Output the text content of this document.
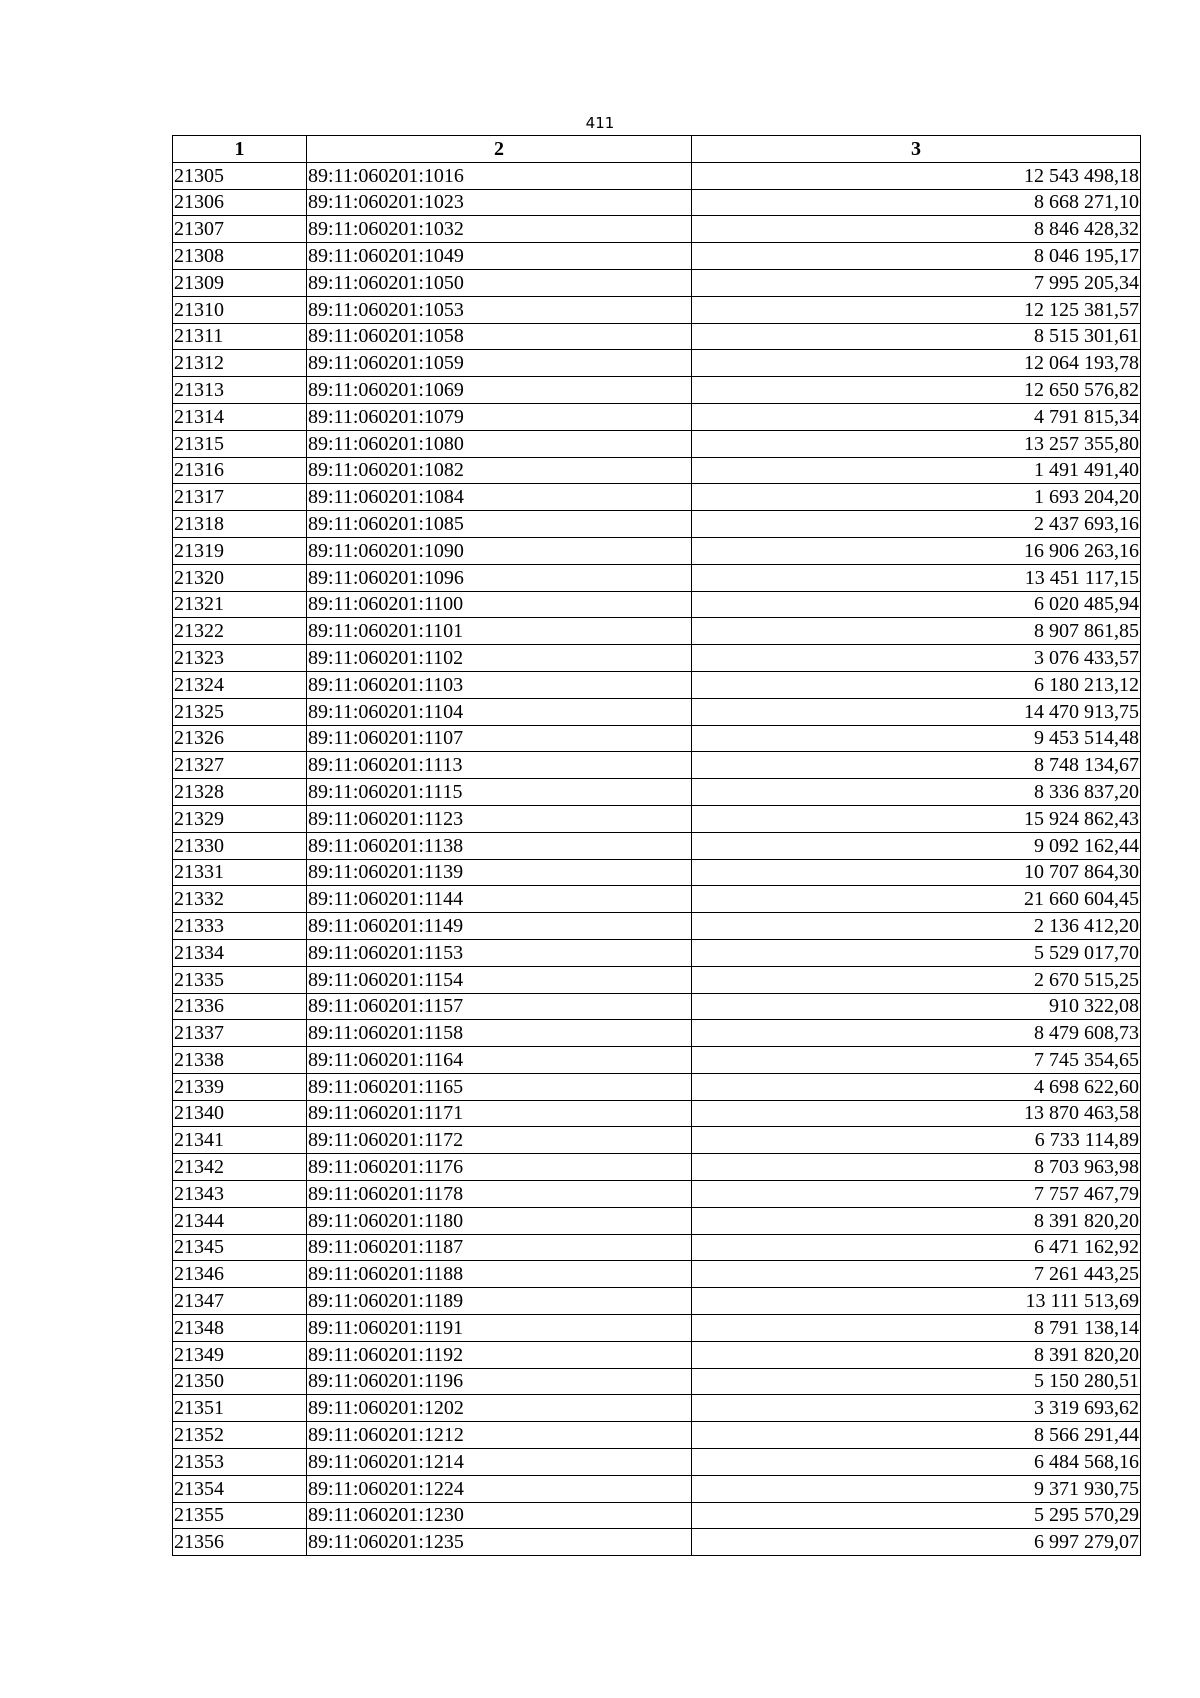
411
1	2	3
21305	89:11:060201:1016	12 543 498,18
21306	89:11:060201:1023	8 668 271,10
21307	89:11:060201:1032	8 846 428,32
21308	89:11:060201:1049	8 046 195,17
21309	89:11:060201:1050	7 995 205,34
21310	89:11:060201:1053	12 125 381,57
21311	89:11:060201:1058	8 515 301,61
21312	89:11:060201:1059	12 064 193,78
21313	89:11:060201:1069	12 650 576,82
21314	89:11:060201:1079	4 791 815,34
21315	89:11:060201:1080	13 257 355,80
21316	89:11:060201:1082	1 491 491,40
21317	89:11:060201:1084	1 693 204,20
21318	89:11:060201:1085	2 437 693,16
21319	89:11:060201:1090	16 906 263,16
21320	89:11:060201:1096	13 451 117,15
21321	89:11:060201:1100	6 020 485,94
21322	89:11:060201:1101	8 907 861,85
21323	89:11:060201:1102	3 076 433,57
21324	89:11:060201:1103	6 180 213,12
21325	89:11:060201:1104	14 470 913,75
21326	89:11:060201:1107	9 453 514,48
21327	89:11:060201:1113	8 748 134,67
21328	89:11:060201:1115	8 336 837,20
21329	89:11:060201:1123	15 924 862,43
21330	89:11:060201:1138	9 092 162,44
21331	89:11:060201:1139	10 707 864,30
21332	89:11:060201:1144	21 660 604,45
21333	89:11:060201:1149	2 136 412,20
21334	89:11:060201:1153	5 529 017,70
21335	89:11:060201:1154	2 670 515,25
21336	89:11:060201:1157	910 322,08
21337	89:11:060201:1158	8 479 608,73
21338	89:11:060201:1164	7 745 354,65
21339	89:11:060201:1165	4 698 622,60
21340	89:11:060201:1171	13 870 463,58
21341	89:11:060201:1172	6 733 114,89
21342	89:11:060201:1176	8 703 963,98
21343	89:11:060201:1178	7 757 467,79
21344	89:11:060201:1180	8 391 820,20
21345	89:11:060201:1187	6 471 162,92
21346	89:11:060201:1188	7 261 443,25
21347	89:11:060201:1189	13 111 513,69
21348	89:11:060201:1191	8 791 138,14
21349	89:11:060201:1192	8 391 820,20
21350	89:11:060201:1196	5 150 280,51
21351	89:11:060201:1202	3 319 693,62
21352	89:11:060201:1212	8 566 291,44
21353	89:11:060201:1214	6 484 568,16
21354	89:11:060201:1224	9 371 930,75
21355	89:11:060201:1230	5 295 570,29
21356	89:11:060201:1235	6 997 279,07
